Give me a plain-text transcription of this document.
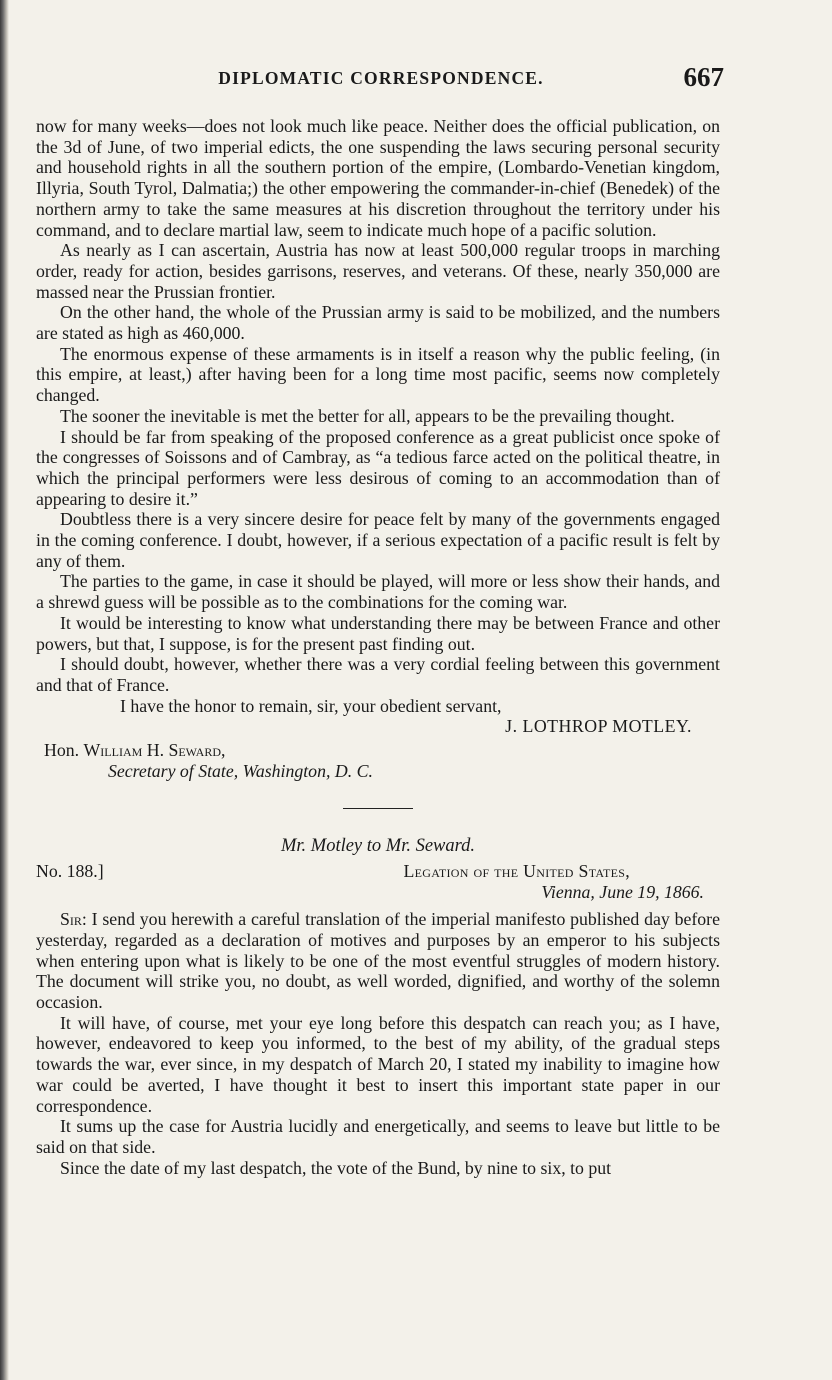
DIPLOMATIC CORRESPONDENCE.	667

now for many weeks—does not look much like peace. Neither does the official publication, on the 3d of June, of two imperial edicts, the one suspending the laws securing personal security and household rights in all the southern portion of the empire, (Lombardo-Venetian kingdom, Illyria, South Tyrol, Dalmatia;) the other empowering the commander-in-chief (Benedek) of the northern army to take the same measures at his discretion throughout the territory under his command, and to declare martial law, seem to indicate much hope of a pacific solution.

As nearly as I can ascertain, Austria has now at least 500,000 regular troops in marching order, ready for action, besides garrisons, reserves, and veterans. Of these, nearly 350,000 are massed near the Prussian frontier.

On the other hand, the whole of the Prussian army is said to be mobilized, and the numbers are stated as high as 460,000.

The enormous expense of these armaments is in itself a reason why the public feeling, (in this empire, at least,) after having been for a long time most pacific, seems now completely changed.

The sooner the inevitable is met the better for all, appears to be the prevailing thought.

I should be far from speaking of the proposed conference as a great publicist once spoke of the congresses of Soissons and of Cambray, as “a tedious farce acted on the political theatre, in which the principal performers were less desirous of coming to an accommodation than of appearing to desire it.”

Doubtless there is a very sincere desire for peace felt by many of the governments engaged in the coming conference. I doubt, however, if a serious expectation of a pacific result is felt by any of them.

The parties to the game, in case it should be played, will more or less show their hands, and a shrewd guess will be possible as to the combinations for the coming war.

It would be interesting to know what understanding there may be between France and other powers, but that, I suppose, is for the present past finding out.

I should doubt, however, whether there was a very cordial feeling between this government and that of France.

I have the honor to remain, sir, your obedient servant,
J. LOTHROP MOTLEY.
Hon. William H. Seward,
Secretary of State, Washington, D. C.
Mr. Motley to Mr. Seward.
No. 188.]	Legation of the United States,
Vienna, June 19, 1866.

Sir: I send you herewith a careful translation of the imperial manifesto published day before yesterday, regarded as a declaration of motives and purposes by an emperor to his subjects when entering upon what is likely to be one of the most eventful struggles of modern history. The document will strike you, no doubt, as well worded, dignified, and worthy of the solemn occasion.

It will have, of course, met your eye long before this despatch can reach you; as I have, however, endeavored to keep you informed, to the best of my ability, of the gradual steps towards the war, ever since, in my despatch of March 20, I stated my inability to imagine how war could be averted, I have thought it best to insert this important state paper in our correspondence.

It sums up the case for Austria lucidly and energetically, and seems to leave but little to be said on that side.

Since the date of my last despatch, the vote of the Bund, by nine to six, to put
